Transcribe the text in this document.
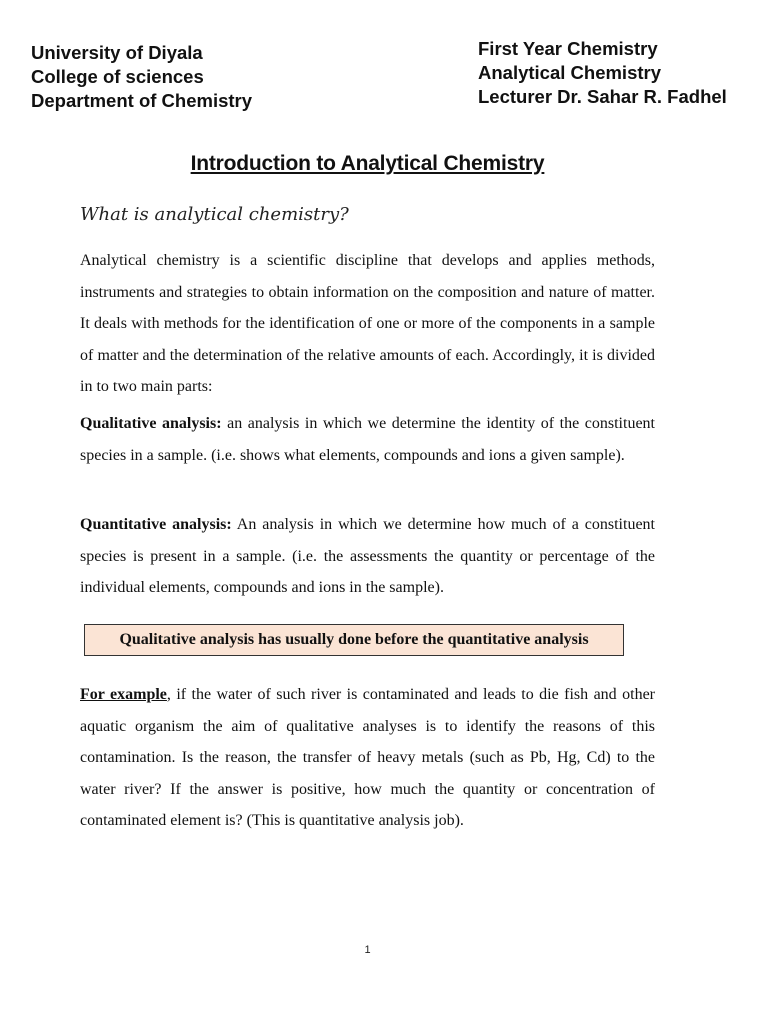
University of Diyala
College of sciences
Department of Chemistry
First Year Chemistry
Analytical Chemistry
Lecturer Dr. Sahar R. Fadhel
Introduction to Analytical Chemistry
What is analytical chemistry?
Analytical chemistry is a scientific discipline that develops and applies methods, instruments and strategies to obtain information on the composition and nature of matter. It deals with methods for the identification of one or more of the components in a sample of matter and the determination of the relative amounts of each. Accordingly, it is divided in to two main parts:
Qualitative analysis: an analysis in which we determine the identity of the constituent species in a sample. (i.e. shows what elements, compounds and ions a given sample).
Quantitative analysis: An analysis in which we determine how much of a constituent species is present in a sample. (i.e. the assessments the quantity or percentage of the individual elements, compounds and ions in the sample).
Qualitative analysis has usually done before the quantitative analysis
For example, if the water of such river is contaminated and leads to die fish and other aquatic organism the aim of qualitative analyses is to identify the reasons of this contamination. Is the reason, the transfer of heavy metals (such as Pb, Hg, Cd) to the water river? If the answer is positive, how much the quantity or concentration of contaminated element is? (This is quantitative analysis job).
1
